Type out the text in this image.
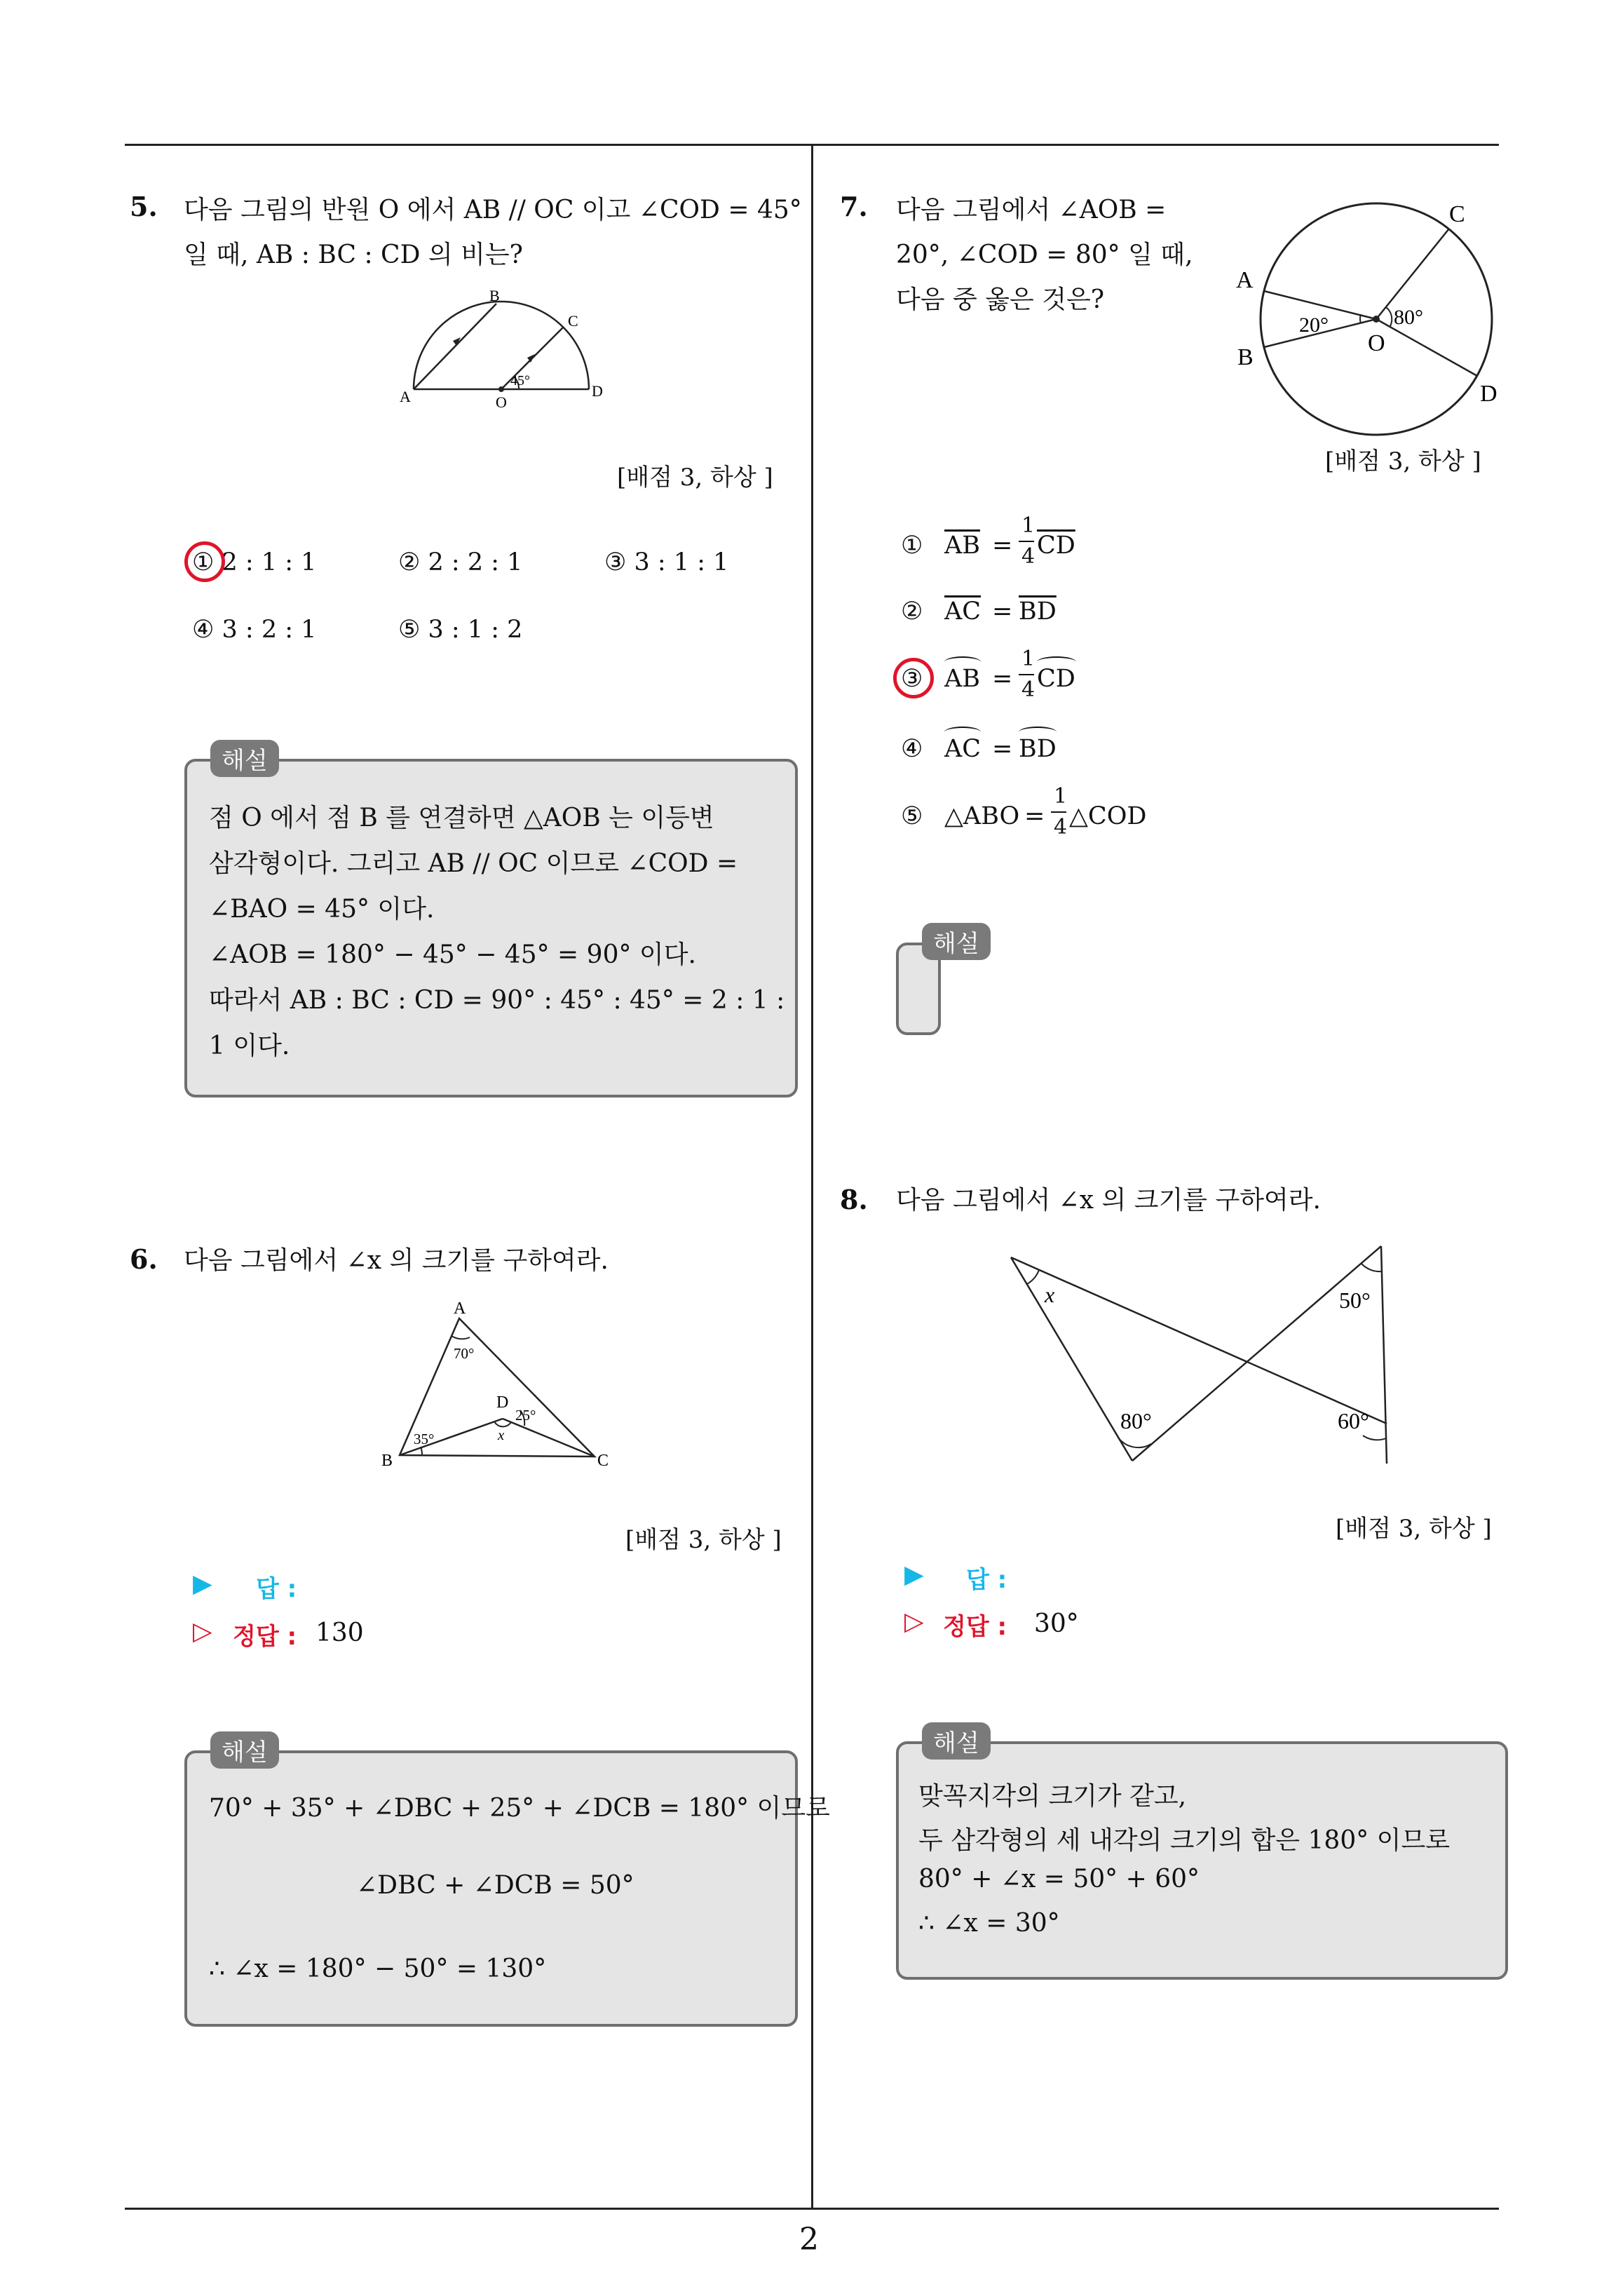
2
5. 다음 그림의 반원 O 에서 AB // OC 이고 ∠COD = 45°
일 때, AB : BC : CD 의 비는?
A
B
C
D
O
45°
[배점 3, 하상 ]
① 2 : 1 : 1	② 2 : 2 : 1	③ 3 : 1 : 1
④ 3 : 2 : 1	⑤ 3 : 1 : 2
해설
점 O 에서 점 B 를 연결하면 △AOB 는 이등변
삼각형이다. 그리고 AB // OC 이므로 ∠COD =
∠BAO = 45° 이다.
∠AOB = 180° − 45° − 45° = 90° 이다.
따라서 AB : BC : CD = 90° : 45° : 45° = 2 : 1 :
1 이다.
6. 다음 그림에서 ∠x 의 크기를 구하여라.
A
B	C
D
70°
35°
25°
x
[배점 3, 하상 ]
▶ 답 :
▷ 정답 : 130
해설
70° + 35° + ∠DBC + 25° + ∠DCB = 180° 이므로
∠DBC + ∠DCB = 50°
∴ ∠x = 180° − 50° = 130°
7. 다음 그림에서 ∠AOB =
20°, ∠COD = 80° 일 때,
다음 중 옳은 것은?
A
B
C
D
O
20°	80°
[배점 3, 하상 ]
① $\overline{AB}$ =
1
4 $\overline{CD}$
② $\overline{AC} = \overline{BD}$
③ AB =
1
4 CD
④ AC = BD
⑤ △ABO =
1
4 △COD
해설
8. 다음 그림에서 ∠x 의 크기를 구하여라.
x	50°
80°	60°
[배점 3, 하상 ]
▶ 답 :
▷ 정답 : 30°
해설
맞꼭지각의 크기가 같고,
두 삼각형의 세 내각의 크기의 합은 180° 이므로
80° + ∠x = 50° + 60°
∴ ∠x = 30°
